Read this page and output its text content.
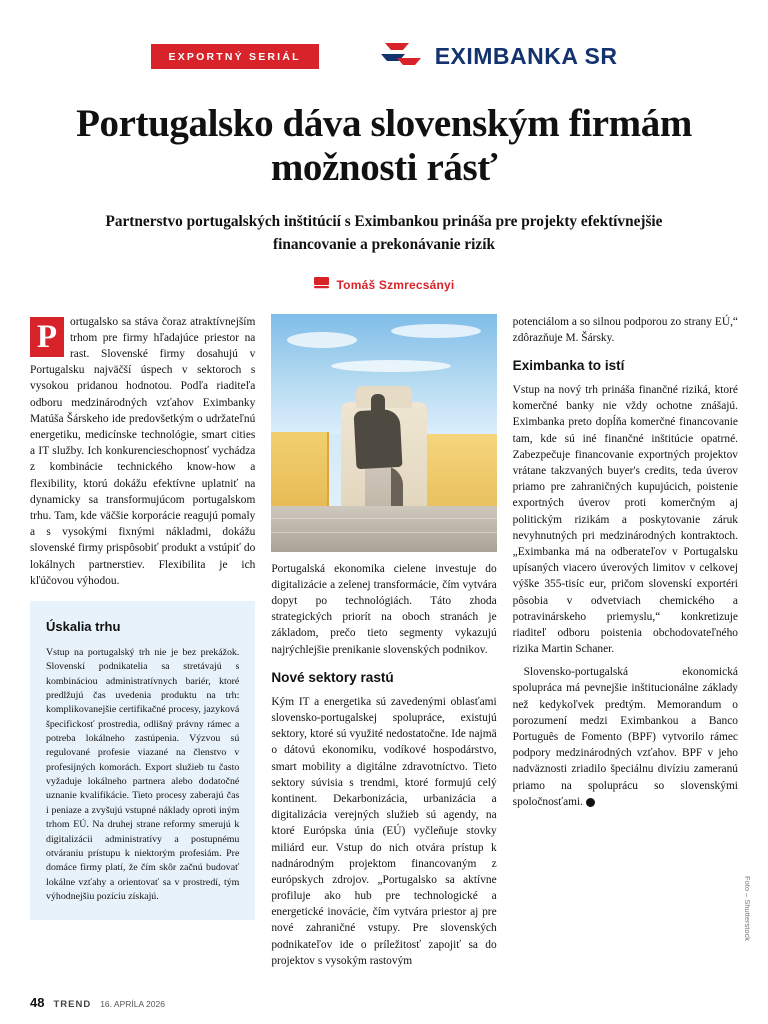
EXPORTNÝ SERIÁL	EXIMBANKA SR
Portugalsko dáva slovenským firmám možnosti rásť
Partnerstvo portugalských inštitúcií s Eximbankou prináša pre projekty efektívnejšie financovanie a prekonávanie rizík
Tomáš Szmrecsányi
P	ortugalsko sa stáva čoraz atraktívnejším trhom pre firmy hľadajúce priestor na rast. Slovenské firmy dosahujú v Portugalsku najväčší úspech v sektoroch s vysokou pridanou hodnotou. Podľa riaditeľa odboru medzinárodných vzťahov Eximbanky Matúša Šárskeho ide predovšetkým o udržateľnú energetiku, medicínske technológie, smart cities a IT služby. Ich konkurencieschopnosť vychádza z kombinácie technického know-how a flexibility, ktorú dokážu efektívne uplatniť na dynamicky sa transformujúcom portugalskom trhu. Tam, kde väčšie korporácie reagujú pomaly a s vysokými fixnými nákladmi, dokážu slovenské firmy prispôsobiť produkt a vstúpiť do lokálnych partnerstiev. Flexibilita je ich kľúčovou výhodou.

Úskalia trhu

Vstup na portugalský trh nie je bez prekážok. Slovenskí podnikatelia sa stretávajú s kombináciou administratívnych bariér, ktoré predlžujú čas uvedenia produktu na trh: komplikovanejšie certifikačné procesy, jazyková špecifickosť prostredia, odlišný právny rámec a potreba lokálneho zastúpenia. Výzvou sú regulované profesie viazané na členstvo v profesijných komorách. Export služieb tu často vyžaduje lokálneho partnera alebo dodatočné uznanie kvalifikácie. Tieto procesy zaberajú čas i peniaze a zvyšujú vstupné náklady oproti iným trhom EÚ. Na druhej strane reformy smerujú k digitalizácii administratívy a postupnému otváraniu prístupu k niektorým profesiám. Pre domáce firmy platí, že čím skôr začnú budovať lokálne vzťahy a orientovať sa v prostredí, tým výhodnejšiu pozíciu získajú.

Portugalská ekonomika cielene investuje do digitalizácie a zelenej transformácie, čím vytvára dopyt po technológiách. Táto zhoda strategických priorít na oboch stranách je základom, prečo tieto segmenty vykazujú najrýchlejšie prenikanie slovenských podnikov.

Nové sektory rastú

Kým IT a energetika sú zavedenými oblasťami slovensko-portugalskej spolupráce, existujú sektory, ktoré sú využité nedostatočne. Ide najmä o dátovú ekonomiku, vodíkové hospodárstvo, smart mobility a digitálne zdravotníctvo. Tieto sektory súvisia s trendmi, ktoré formujú celý kontinent. Dekarbonizácia, urbanizácia a digitalizácia verejných služieb sú agendy, na ktoré Európska únia (EÚ) vyčleňuje stovky miliárd eur. Vstup do nich otvára prístup k nadnárodným projektom financovaným z európskych zdrojov. „Portugalsko sa aktívne profiluje ako hub pre technologické a energetické inovácie, čím vytvára priestor aj pre nové zahraničné vstupy. Pre slovenských podnikateľov ide o príležitosť zapojiť sa do projektov s vysokým rastovým

potenciálom a so silnou podporou zo strany EÚ,“ zdôrazňuje M. Šársky.

Eximbanka to istí

Vstup na nový trh prináša finančné riziká, ktoré komerčné banky nie vždy ochotne znášajú. Eximbanka preto dopĺňa komerčné financovanie tam, kde sú iné finančné inštitúcie opatrné. Zabezpečuje financovanie exportných projektov vrátane takzvaných buyer's credits, teda úverov priamo pre zahraničných kupujúcich, poistenie exportných úverov proti komerčným aj politickým rizikám a poskytovanie záruk nevyhnutných pri medzinárodných kontraktoch. „Eximbanka má na odberateľov v Portugalsku upísaných viacero úverových limitov v celkovej výške 355-tisíc eur, pričom slovenskí exportéri pôsobia v odvetviach chemického a potravinárskeho priemyslu,“ konkretizuje riaditeľ odboru poistenia obchodovateľného rizika Martin Schaner.

Slovensko-portugalská ekonomická spolupráca má pevnejšie inštitucionálne základy než kedykoľvek predtým. Memorandum o porozumení medzi Eximbankou a Banco Português de Fomento (BPF) vytvorilo rámec podpory medzinárodných vzťahov. BPF v jeho nadväznosti zriadilo špeciálnu divíziu zameranú priamo na spoluprácu so slovenskými spoločnosťami. ✦

Foto – Shutterstock
48 TREND 16. APRÍLA 2026
